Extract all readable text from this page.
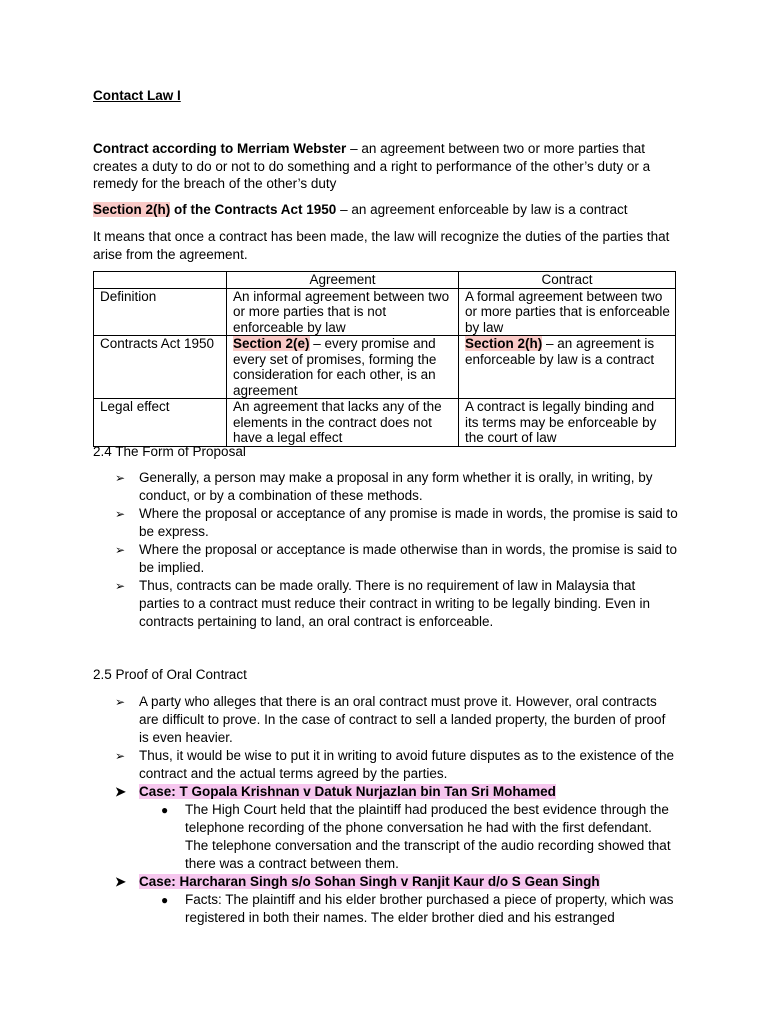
Contact Law I
Contract according to Merriam Webster – an agreement between two or more parties that creates a duty to do or not to do something and a right to performance of the other’s duty or a remedy for the breach of the other’s duty
Section 2(h) of the Contracts Act 1950 – an agreement enforceable by law is a contract
It means that once a contract has been made, the law will recognize the duties of the parties that arise from the agreement.
	Agreement	Contract
Definition	An informal agreement between two or more parties that is not enforceable by law	A formal agreement between two or more parties that is enforceable by law
Contracts Act 1950	Section 2(e) – every promise and every set of promises, forming the consideration for each other, is an agreement	Section 2(h) – an agreement is enforceable by law is a contract
Legal effect	An agreement that lacks any of the elements in the contract does not have a legal effect	A contract is legally binding and its terms may be enforceable by the court of law
2.4 The Form of Proposal
➢ Generally, a person may make a proposal in any form whether it is orally, in writing, by conduct, or by a combination of these methods.
➢ Where the proposal or acceptance of any promise is made in words, the promise is said to be express.
➢ Where the proposal or acceptance is made otherwise than in words, the promise is said to be implied.
➢ Thus, contracts can be made orally. There is no requirement of law in Malaysia that parties to a contract must reduce their contract in writing to be legally binding. Even in contracts pertaining to land, an oral contract is enforceable.
2.5 Proof of Oral Contract
➢ A party who alleges that there is an oral contract must prove it. However, oral contracts are difficult to prove. In the case of contract to sell a landed property, the burden of proof is even heavier.
➢ Thus, it would be wise to put it in writing to avoid future disputes as to the existence of the contract and the actual terms agreed by the parties.
➤ Case: T Gopala Krishnan v Datuk Nurjazlan bin Tan Sri Mohamed
● The High Court held that the plaintiff had produced the best evidence through the telephone recording of the phone conversation he had with the first defendant. The telephone conversation and the transcript of the audio recording showed that there was a contract between them.
➤ Case: Harcharan Singh s/o Sohan Singh v Ranjit Kaur d/o S Gean Singh
● Facts: The plaintiff and his elder brother purchased a piece of property, which was registered in both their names. The elder brother died and his estranged
